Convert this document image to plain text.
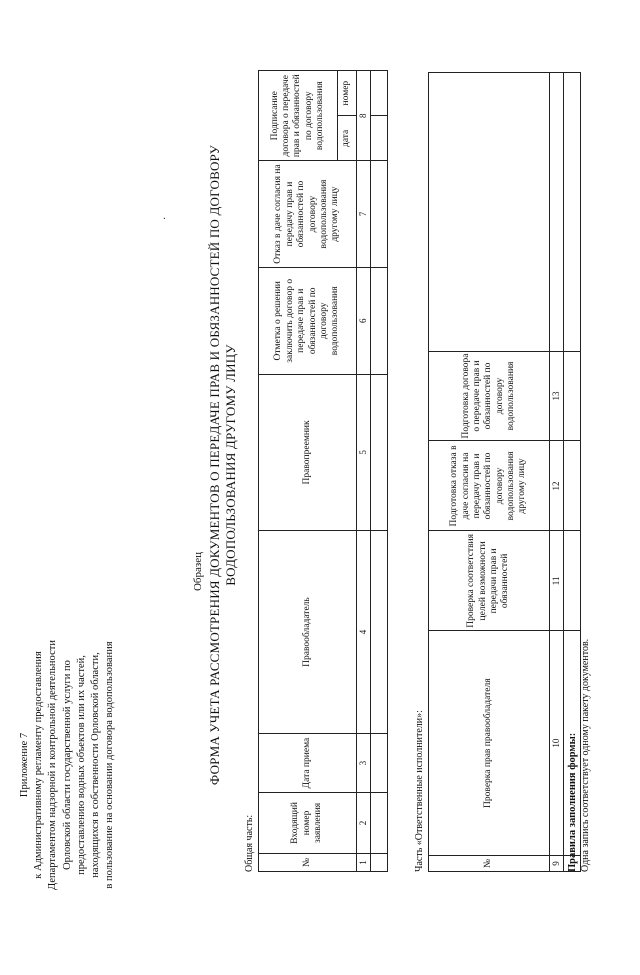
·
Приложение 7 к Административному регламенту предоставления Департаментом надзорной и контрольной деятельности Орловской области государственной услуги по предоставлению водных объектов или их частей, находящихся в собственности Орловской области, в пользование на основании договора водопользования
Образец ФОРМА УЧЕТА РАССМОТРЕНИЯ ДОКУМЕНТОВ О ПЕРЕДАЧЕ ПРАВ И ОБЯЗАННОСТЕЙ ПО ДОГОВОРУ ВОДОПОЛЬЗОВАНИЯ ДРУГОМУ ЛИЦУ
Общая часть:	№	Входящий номер заявления	Дата приема	Правообладатель	Правопреемник	Отметка о решении заключить договор о передаче прав и обязанностей по договору водопользования	Отказ в даче согласия на передачу прав и обязанностей по договору водопользования другому лицу	Подписание договора о передаче прав и обязанностей по договору водопользования	
							дата	номер
1	2	3	4	5	6	7	8	

Часть «Ответственные исполнители»:	№	Проверка прав правообладателя	Проверка соответствия целей возможности передачи прав и обязанностей	Подготовка отказа в даче согласия на передачу прав и обязанностей по договору водопользования другому лицу	Подготовка договора о передаче прав и обязанностей по договору водопользования	
9	10	11	12	13	

Правила заполнения формы: Одна запись соответствует одному пакету документов.
